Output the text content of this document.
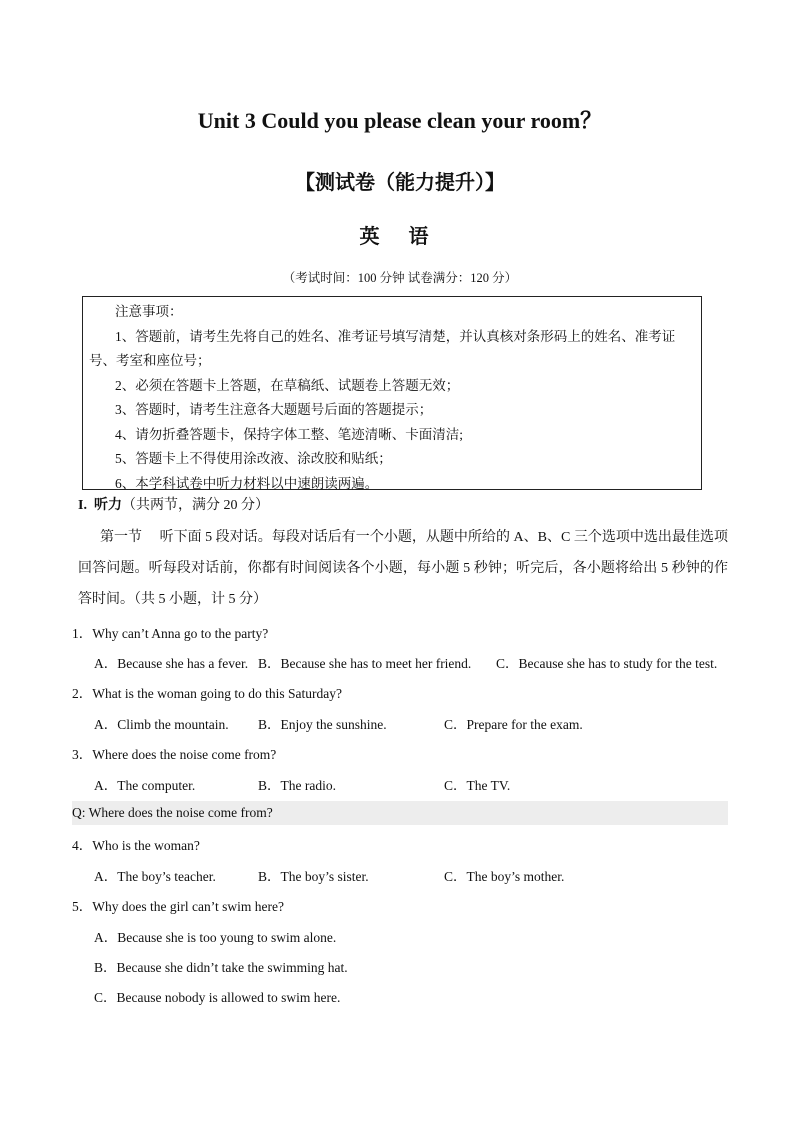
Unit 3 Could you please clean your room？
【测试卷（能力提升）】
英 语
（考试时间：100 分钟 试卷满分：120 分）

注意事项：

1、答题前，请考生先将自己的姓名、准考证号填写清楚，并认真核对条形码上的姓名、准考证号、考室和座位号；

2、必须在答题卡上答题，在草稿纸、试题卷上答题无效；

3、答题时，请考生注意各大题题号后面的答题提示；

4、请勿折叠答题卡，保持字体工整、笔迹清晰、卡面清洁;

5、答题卡上不得使用涂改液、涂改胶和贴纸；

6、本学科试卷中听力材料以中速朗读两遍。

I. 听力（共两节，满分 20 分）
第一节　 听下面 5 段对话。每段对话后有一个小题，从题中所给的 A、B、C 三个选项中选出最佳选项回答问题。听每段对话前，你都有时间阅读各个小题，每小题 5 秒钟；听完后，各小题将给出 5 秒钟的作答时间。（共 5 小题，计 5 分）
1．Why can’t Anna go to the party?
A．Because she has a fever. B．Because she has to meet her friend. C．Because she has to study for the test.
2．What is the woman going to do this Saturday?
A．Climb the mountain. B．Enjoy the sunshine.	C．Prepare for the exam.
3．Where does the noise come from?
A．The computer.	B．The radio.	C．The TV.
Q: Where does the noise come from?
4．Who is the woman?
A．The boy’s teacher.	B．The boy’s sister.	C．The boy’s mother.
5．Why does the girl can’t swim here?
A．Because she is too young to swim alone.
B．Because she didn’t take the swimming hat.
C．Because nobody is allowed to swim here.
